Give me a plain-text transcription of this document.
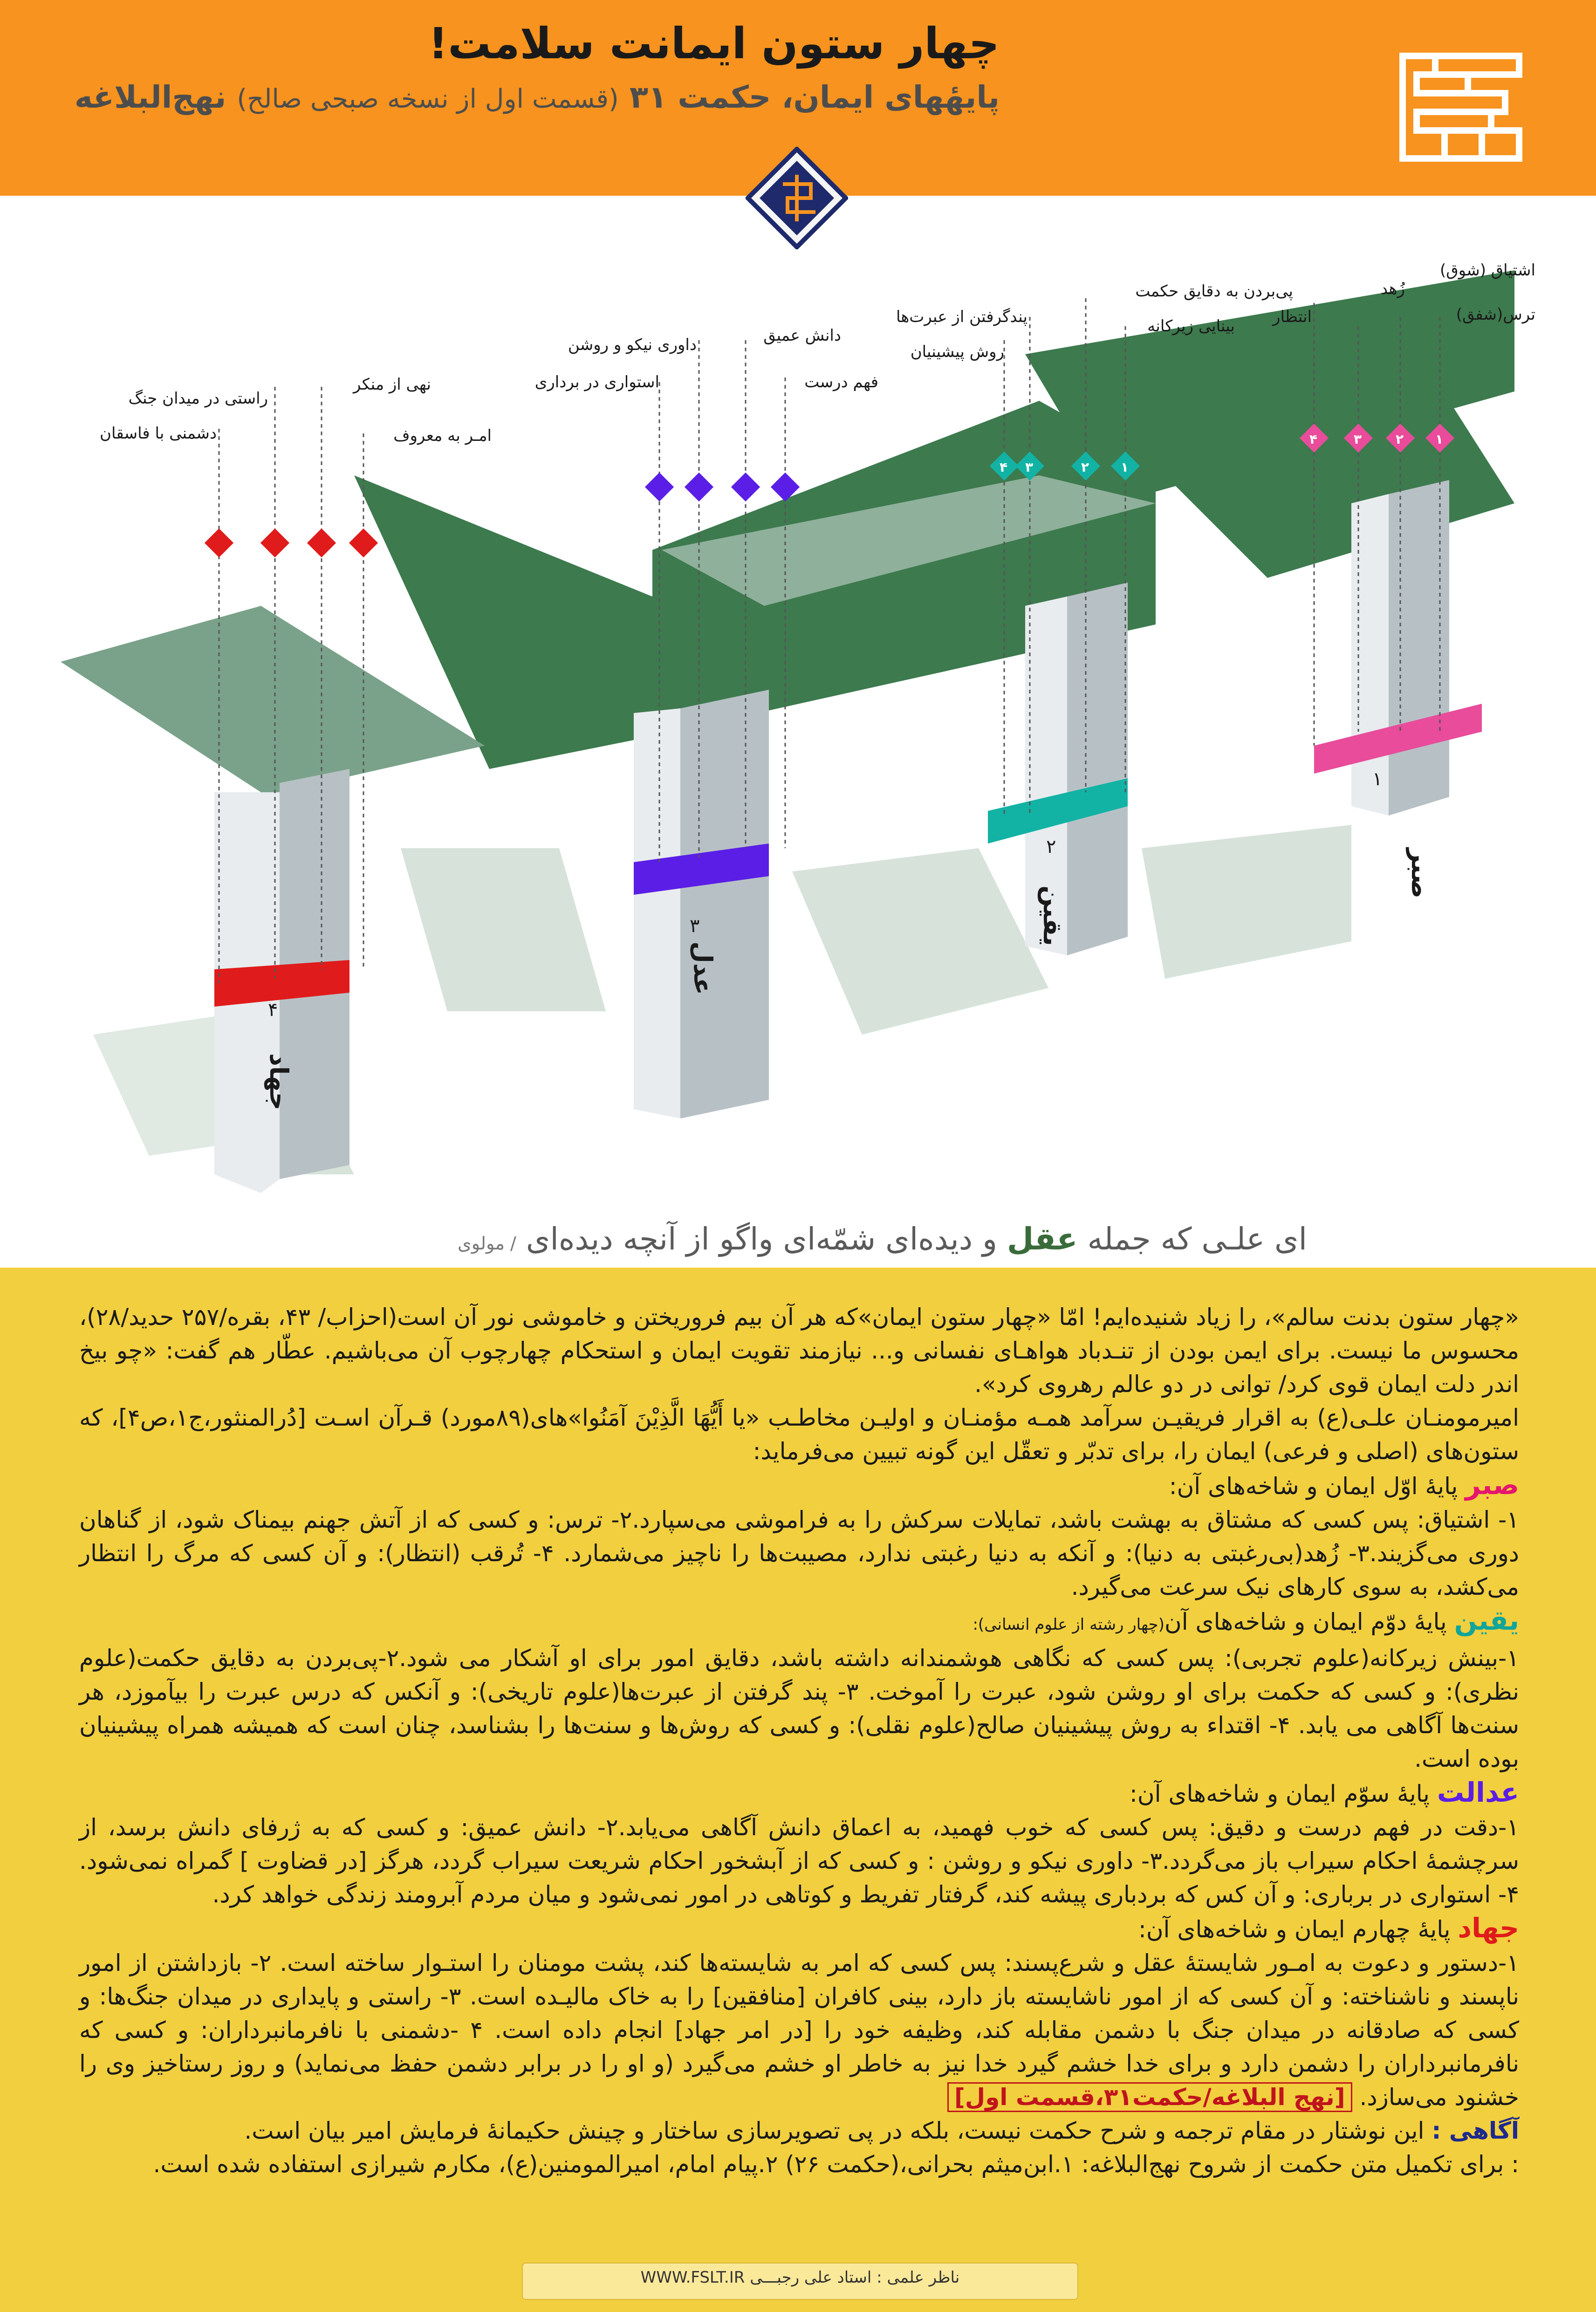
چهار ستون ایمانت سلامت!
پایهٔهای ایمان، حکمت ۳۱ (قسمت اول از نسخه صبحی صالح) نهج‌البلاغه
۱
صبر
۲
یقین
۳
عدل
۴
جهاد
۱
۲
۳
۴
۱
۲
۳
۴
اشتیاق (شوق)
ترس(شفق)
زُهد
انتظار
پی‌بردن به دقایق حکمت
بینایی زیرکانه
پندگرفتن از عبرت‌ها
روش پیشینیان
دانش عمیق
فهم درست
داوری نیکو و روشن
استواری در برداری
نهی از منکر
امـر به معروف
راستی در میدان جنگ
دشمنی با فاسقان
ای علـی که جمله عقل و دیده‌ای شمّه‌ای واگو از آنچه دیده‌ای / مولوی

«چهار ستون بدنت سالم»، را زیاد شنیده‌ایم! امّا «چهار ستون ایمان»که هر آن بیم فروریختن و خاموشی نور آن است(احزاب/ ۴۳، بقره/۲۵۷ حدید/۲۸)، محسوس ما نیست. برای ایمن بودن از تنـدباد هواهـای نفسانی و... نیازمند تقویت ایمان و استحکام چهارچوب آن می‌باشیم. عطّار هم گفت: «چو بیخ اندر دلت ایمان قوی کرد/ توانی در دو عالم رهروی کرد».

امیرمومنـان علـی(ع) به اقرار فریقیـن سرآمد همـه مؤمنـان و اولیـن مخاطـب «یا أَیُّهَا الَّذِیْنَ آمَنُوا»های(۸۹مورد) قـرآن اسـت [دُرالمنثور،ج۱،ص۴]، که ستون‌های (اصلی و فرعی) ایمان را، برای تدبّر و تعقّل این گونه تبیین می‌فرماید:

صبر پایهٔ اوّل ایمان و شاخه‌های آن:

۱- اشتیاق: پس کسی که مشتاق به بهشت باشد، تمایلات سرکش را به فراموشی می‌سپارد.۲- ترس: و کسی که از آتش جهنم بیمناک شود، از گناهان دوری می‌گزیند.۳- زُهد(بی‌رغبتی به دنیا): و آنکه به دنیا رغبتی ندارد، مصیبت‌ها را ناچیز می‌شمارد. ۴- تُرقب (انتظار): و آن کسی که مرگ را انتظار می‌کشد، به سوی کارهای نیک سرعت می‌گیرد.

یقین پایهٔ دوّم ایمان و شاخه‌های آن(چهار رشته از علوم انسانی):

۱-بینش زیرکانه(علوم تجربی): پس کسی که نگاهی هوشمندانه داشته باشد، دقایق امور برای او آشکار می شود.۲-پی‌بردن به دقایق حکمت(علوم نظری): و کسی که حکمت برای او روشن شود، عبرت را آموخت. ۳- پند گرفتن از عبرت‌ها(علوم تاریخی): و آنکس که درس عبرت را بیآموزد، هر سنت‌ها آگاهی می یابد. ۴- اقتداء به روش پیشینیان صالح(علوم نقلی): و کسی که روش‌ها و سنت‌ها را بشناسد، چنان است که همیشه همراه پیشینیان بوده است.

عدالت پایهٔ سوّم ایمان و شاخه‌های آن:

۱-دقت در فهم درست و دقیق: پس کسی که خوب فهمید، به اعماق دانش آگاهی می‌یابد.۲- دانش عمیق: و کسی که به ژرفای دانش برسد، از سرچشمهٔ احکام سیراب باز می‌گردد.۳- داوری نیکو و روشن : و کسی که از آبشخور احکام شریعت سیراب گردد، هرگز [در قضاوت ] گمراه نمی‌شود. ۴- استواری در برباری: و آن کس که بردباری پیشه کند، گرفتار تفریط و کوتاهی در امور نمی‌شود و میان مردم آبرومند زندگی خواهد کرد.

جهاد پایهٔ چهارم ایمان و شاخه‌های آن:

۱-دستور و دعوت به امـور شایستهٔ عقل و شرع‌پسند: پس کسی که امر به شایسته‌ها کند، پشت مومنان را استـوار ساخته است. ۲- بازداشتن از امور ناپسند و ناشناخته: و آن کسی که از امور ناشایسته باز دارد، بینی کافران [منافقین] را به خاک مالیـده است. ۳- راستی و پایداری در میدان جنگ‌ها: و کسی که صادقانه در میدان جنگ با دشمن مقابله کند، وظیفه خود را [در امر جهاد] انجام داده است. ۴ -دشمنی با نافرمانبرداران: و کسی که نافرمانبرداران را دشمن دارد و برای خدا خشم گیرد خدا نیز به خاطر او خشم می‌گیرد (و او را در برابر دشمن حفظ می‌نماید) و روز رستاخیز وی را خشنود می‌سازد. [نهج البلاغه/حکمت۳۱،قسمت اول]

آگاهی : این نوشتار در مقام ترجمه و شرح حکمت نیست، بلکه در پی تصویرسازی ساختار و چینش حکیمانهٔ فرمایش امیر بیان است.

: برای تکمیل متن حکمت از شروح نهج‌البلاغه: ۱.ابن‌میثم بحرانی،(حکمت ۲۶) ۲.پیام امام، امیرالمومنین(ع)، مکارم شیرازی استفاده شده است.

ناظر علمی : استاد علی رجبـــی WWW.FSLT.IR
